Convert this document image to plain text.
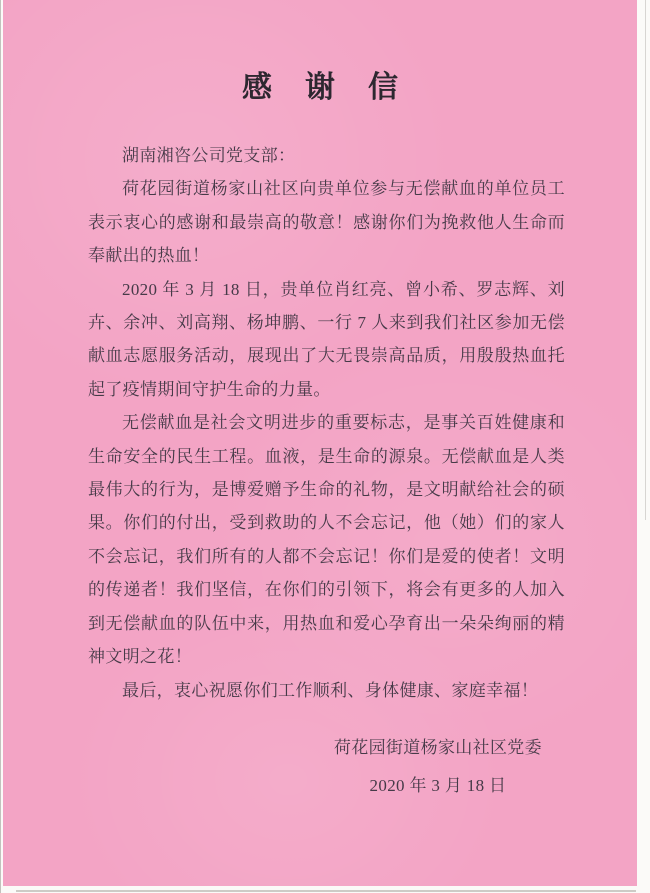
感谢信

湖南湘咨公司党支部：

荷花园街道杨家山社区向贵单位参与无偿献血的单位员工表示衷心的感谢和最崇高的敬意！感谢你们为挽救他人生命而奉献出的热血！

2020 年 3 月 18 日，贵单位肖红亮、曾小希、罗志辉、刘卉、余冲、刘高翔、杨坤鹏、一行 7 人来到我们社区参加无偿献血志愿服务活动，展现出了大无畏崇高品质，用殷殷热血托起了疫情期间守护生命的力量。

无偿献血是社会文明进步的重要标志，是事关百姓健康和生命安全的民生工程。血液，是生命的源泉。无偿献血是人类最伟大的行为，是博爱赠予生命的礼物，是文明献给社会的硕果。你们的付出，受到救助的人不会忘记，他（她）们的家人不会忘记，我们所有的人都不会忘记！你们是爱的使者！文明的传递者！我们坚信，在你们的引领下，将会有更多的人加入到无偿献血的队伍中来，用热血和爱心孕育出一朵朵绚丽的精神文明之花！

最后，衷心祝愿你们工作顺利、身体健康、家庭幸福！

荷花园街道杨家山社区党委
2020 年 3 月 18 日
